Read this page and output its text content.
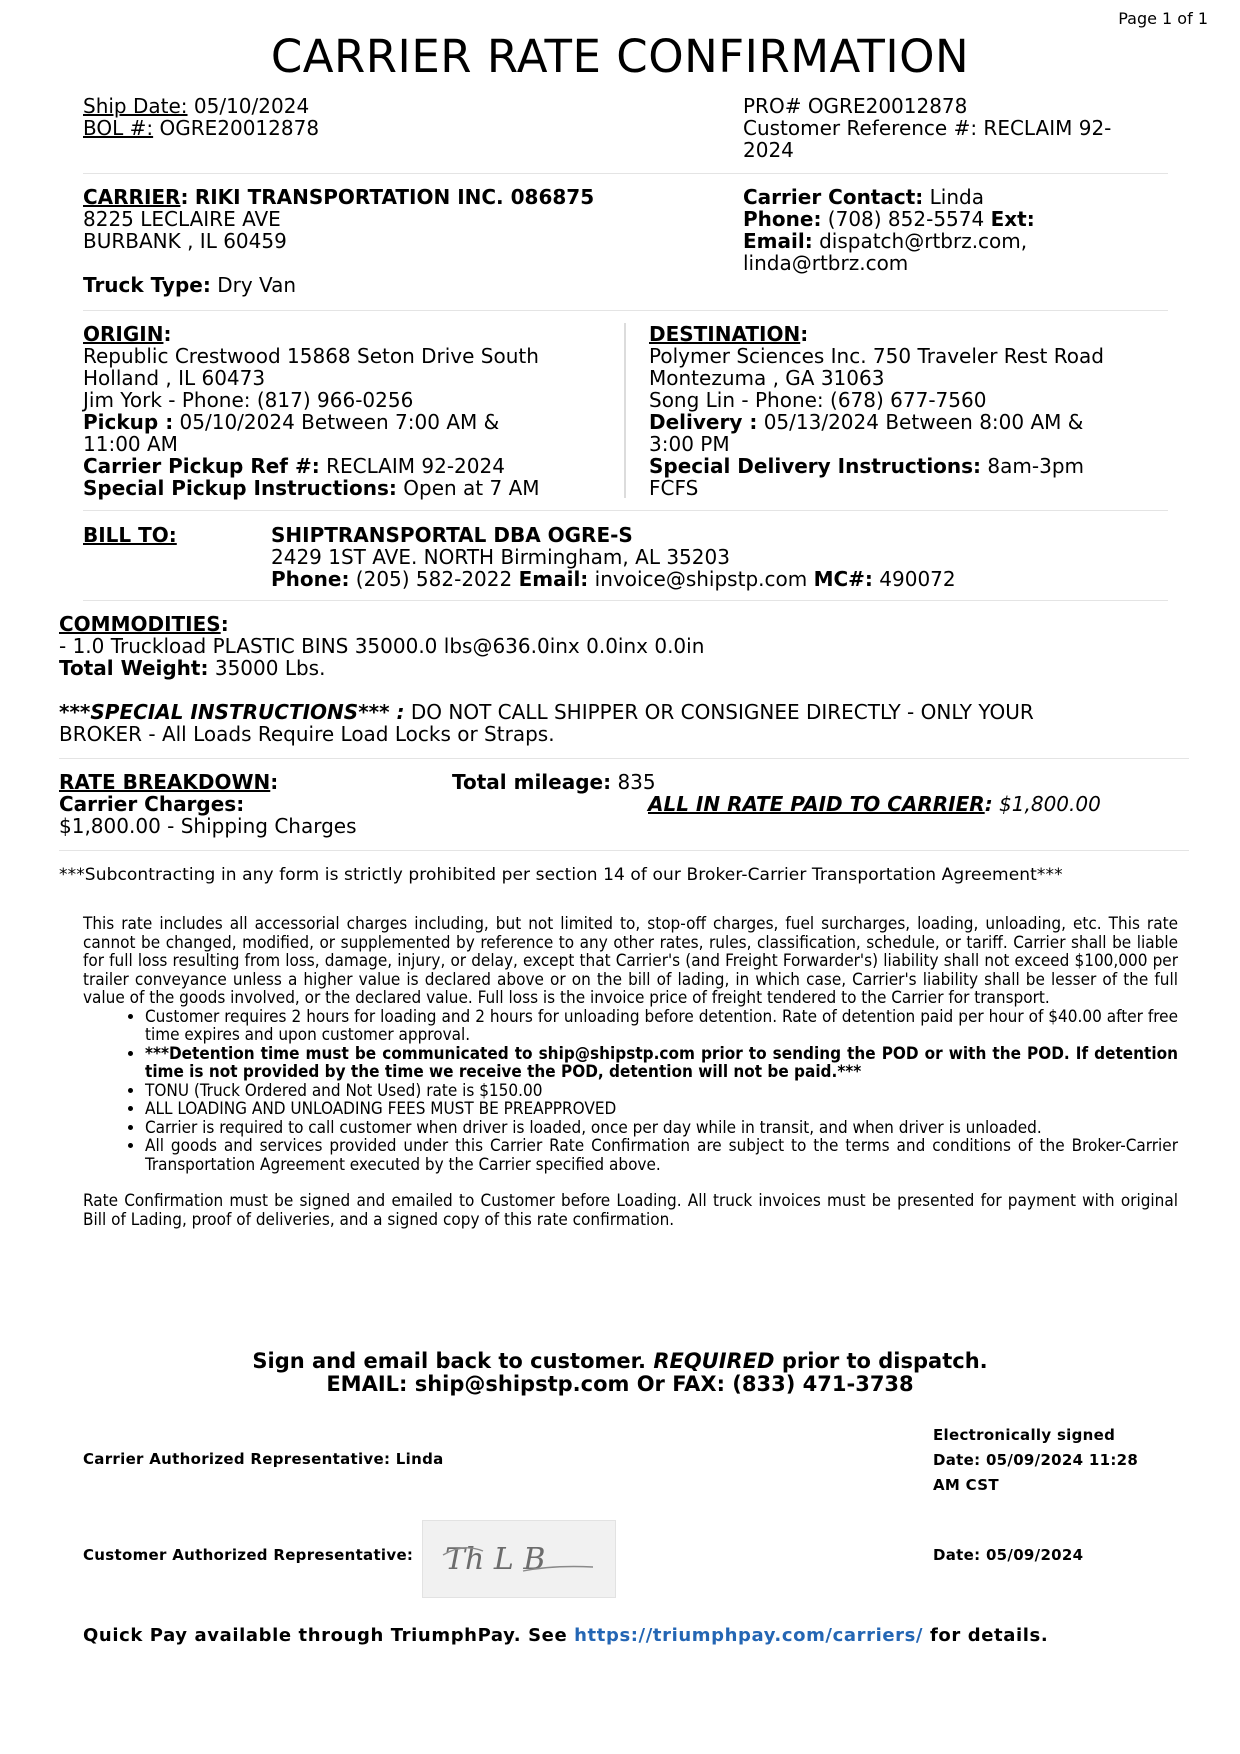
Page 1 of 1
CARRIER RATE CONFIRMATION
Ship Date: 05/10/2024
BOL #: OGRE20012878
PRO# OGRE20012878
Customer Reference #: RECLAIM 92-
2024
CARRIER: RIKI TRANSPORTATION INC. 086875
8225 LECLAIRE AVE
BURBANK , IL 60459
Truck Type: Dry Van
Carrier Contact: Linda
Phone: (708) 852-5574 Ext:
Email: dispatch@rtbrz.com,
linda@rtbrz.com
ORIGIN:
Republic Crestwood 15868 Seton Drive South
Holland , IL 60473
Jim York - Phone: (817) 966-0256
Pickup : 05/10/2024 Between 7:00 AM &
11:00 AM
Carrier Pickup Ref #: RECLAIM 92-2024
Special Pickup Instructions: Open at 7 AM
DESTINATION:
Polymer Sciences Inc. 750 Traveler Rest Road
Montezuma , GA 31063
Song Lin - Phone: (678) 677-7560
Delivery : 05/13/2024 Between 8:00 AM &
3:00 PM
Special Delivery Instructions: 8am-3pm
FCFS
BILL TO:	SHIPTRANSPORTAL DBA OGRE-S
2429 1ST AVE. NORTH Birmingham, AL 35203
Phone: (205) 582-2022 Email: invoice@shipstp.com MC#: 490072
COMMODITIES:
- 1.0 Truckload PLASTIC BINS 35000.0 lbs@636.0inx 0.0inx 0.0in
Total Weight: 35000 Lbs.
***SPECIAL INSTRUCTIONS*** : DO NOT CALL SHIPPER OR CONSIGNEE DIRECTLY - ONLY YOUR
BROKER - All Loads Require Load Locks or Straps.
RATE BREAKDOWN:
Carrier Charges:
$1,800.00 - Shipping Charges
Total mileage: 835
ALL IN RATE PAID TO CARRIER: $1,800.00
***Subcontracting in any form is strictly prohibited per section 14 of our Broker-Carrier Transportation Agreement***

This rate includes all accessorial charges including, but not limited to, stop-off charges, fuel surcharges, loading, unloading, etc. This rate cannot be changed, modified, or supplemented by reference to any other rates, rules, classification, schedule, or tariff. Carrier shall be liable for full loss resulting from loss, damage, injury, or delay, except that Carrier's (and Freight Forwarder's) liability shall not exceed $100,000 per trailer conveyance unless a higher value is declared above or on the bill of lading, in which case, Carrier's liability shall be lesser of the full value of the goods involved, or the declared value. Full loss is the invoice price of freight tendered to the Carrier for transport.

• Customer requires 2 hours for loading and 2 hours for unloading before detention. Rate of detention paid per hour of $40.00 after free time expires and upon customer approval.
• ***Detention time must be communicated to ship@shipstp.com prior to sending the POD or with the POD. If detention time is not provided by the time we receive the POD, detention will not be paid.***
• TONU (Truck Ordered and Not Used) rate is $150.00
• ALL LOADING AND UNLOADING FEES MUST BE PREAPPROVED
• Carrier is required to call customer when driver is loaded, once per day while in transit, and when driver is unloaded.
• All goods and services provided under this Carrier Rate Confirmation are subject to the terms and conditions of the Broker-Carrier Transportation Agreement executed by the Carrier specified above.

Rate Confirmation must be signed and emailed to Customer before Loading. All truck invoices must be presented for payment with original Bill of Lading, proof of deliveries, and a signed copy of this rate confirmation.

Sign and email back to customer. REQUIRED prior to dispatch.
EMAIL: ship@shipstp.com Or FAX: (833) 471-3738
Carrier Authorized Representative: Linda
Electronically signed
Date: 05/09/2024 11:28
AM CST
Customer Authorized Representative: Th L B	Date: 05/09/2024
Quick Pay available through TriumphPay. See https://triumphpay.com/carriers/ for details.
